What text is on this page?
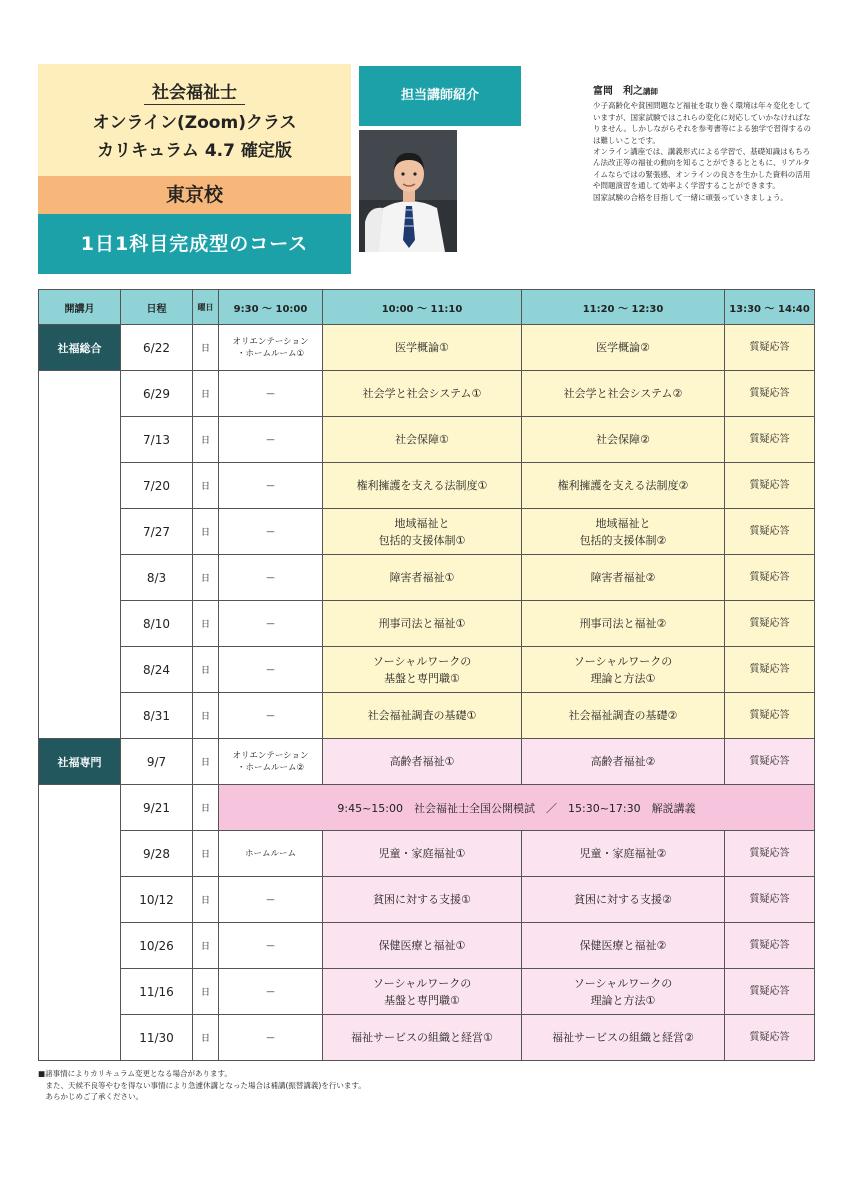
社会福祉士
オンライン(Zoom)クラス
カリキュラム 4.7 確定版
東京校
1日1科目完成型のコース
担当講師紹介	富岡　利之講師
少子高齢化や貧困問題など福祉を取り巻く環境は年々変化をしていますが、国家試験ではこれらの変化に対応していかなければなりません。しかしながらそれを参考書等による独学で習得するのは難しいことです。
オンライン講座では、講義形式による学習で、基礎知識はもちろん法改正等の福祉の動向を知ることができるとともに、リアルタイムならではの緊張感、オンラインの良さを生かした資料の活用や問題演習を通して効率よく学習することができます。
国家試験の合格を目指して一緒に頑張っていきましょう。
開講月	日程	曜日	9:30 ～ 10:00	10:00 ～ 11:10	11:20 ～ 12:30	13:30 ～ 14:40
社福総合	6/22	日	オリエンテーション
・ホームルーム①	医学概論①	医学概論②	質疑応答
	6/29	日	—	社会学と社会システム①	社会学と社会システム②	質疑応答
	7/13	日	—	社会保障①	社会保障②	質疑応答
	7/20	日	—	権利擁護を支える法制度①	権利擁護を支える法制度②	質疑応答
	7/27	日	—	地域福祉と
包括的支援体制①	地域福祉と
包括的支援体制②	質疑応答
	8/3	日	—	障害者福祉①	障害者福祉②	質疑応答
	8/10	日	—	刑事司法と福祉①	刑事司法と福祉②	質疑応答
	8/24	日	—	ソーシャルワークの
基盤と専門職①	ソーシャルワークの
理論と方法①	質疑応答
	8/31	日	—	社会福祉調査の基礎①	社会福祉調査の基礎②	質疑応答
社福専門	9/7	日	オリエンテーション
・ホームルーム②	高齢者福祉①	高齢者福祉②	質疑応答
	9/21	日	9:45~15:00　社会福祉士全国公開模試　／　15:30~17:30　解説講義			
	9/28	日	ホームルーム	児童・家庭福祉①	児童・家庭福祉②	質疑応答
	10/12	日	—	貧困に対する支援①	貧困に対する支援②	質疑応答
	10/26	日	—	保健医療と福祉①	保健医療と福祉②	質疑応答
	11/16	日	—	ソーシャルワークの
基盤と専門職①	ソーシャルワークの
理論と方法①	質疑応答
	11/30	日	—	福祉サービスの組織と経営①	福祉サービスの組織と経営②	質疑応答
■諸事情によりカリキュラム変更となる場合があります。
　また、天候不良等やむを得ない事情により急遽休講となった場合は補講(振替講義)を行います。
　あらかじめご了承ください。
